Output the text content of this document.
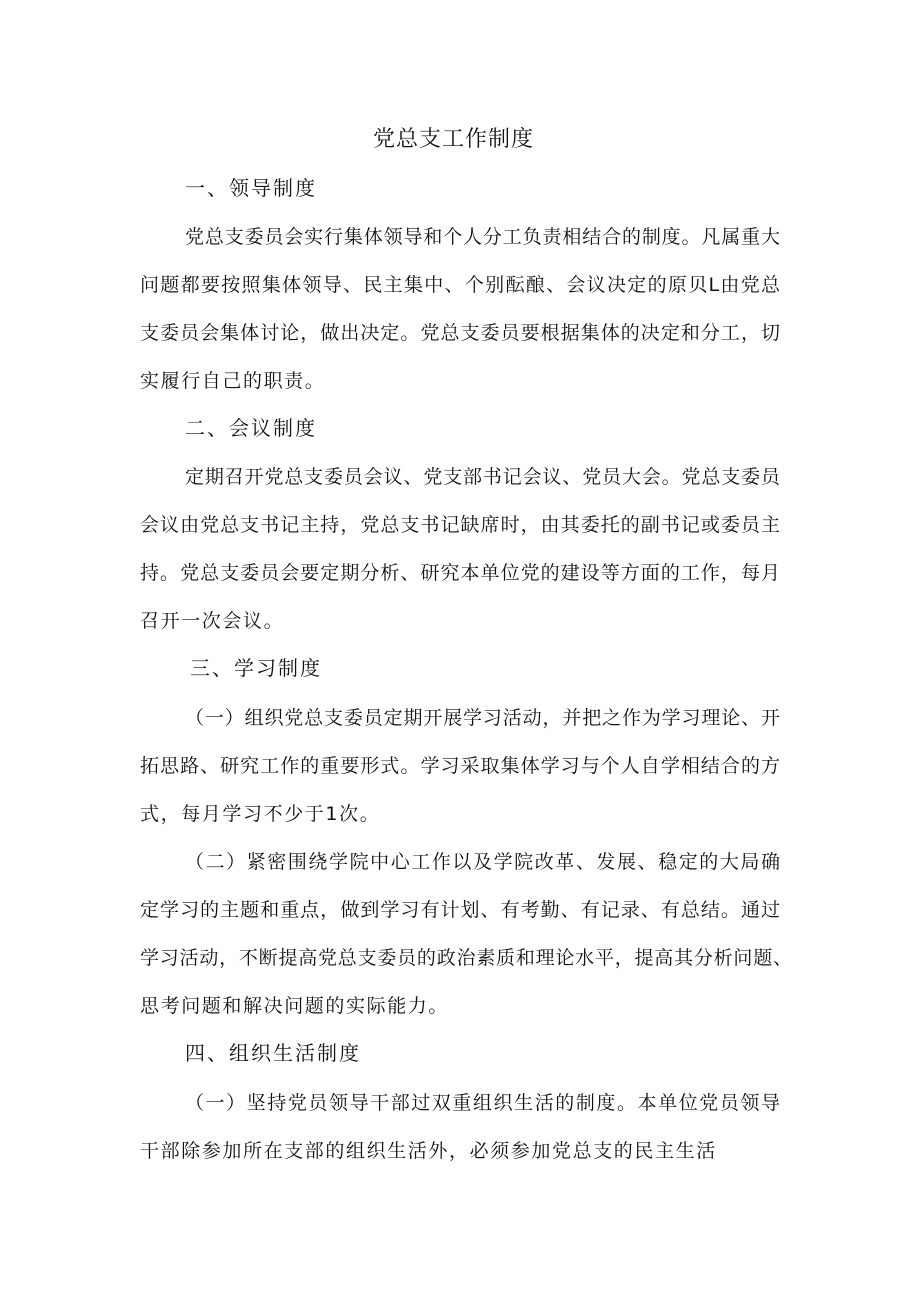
党总支工作制度
一、领导制度
党总支委员会实行集体领导和个人分工负责相结合的制度。凡属重大
问题都要按照集体领导、民主集中、个别酝酿、会议决定的原贝L由党总
支委员会集体讨论，做出决定。党总支委员要根据集体的决定和分工，切
实履行自己的职责。
二、会议制度
定期召开党总支委员会议、党支部书记会议、党员大会。党总支委员
会议由党总支书记主持，党总支书记缺席时，由其委托的副书记或委员主
持。党总支委员会要定期分析、研究本单位党的建设等方面的工作，每月
召开一次会议。
三、学习制度
（一）组织党总支委员定期开展学习活动，并把之作为学习理论、开
拓思路、研究工作的重要形式。学习采取集体学习与个人自学相结合的方
式，每月学习不少于1次。
（二）紧密围绕学院中心工作以及学院改革、发展、稳定的大局确
定学习的主题和重点，做到学习有计划、有考勤、有记录、有总结。通过
学习活动，不断提高党总支委员的政治素质和理论水平，提高其分析问题、
思考问题和解决问题的实际能力。
四、组织生活制度
（一）坚持党员领导干部过双重组织生活的制度。本单位党员领导
干部除参加所在支部的组织生活外，必须参加党总支的民主生活
